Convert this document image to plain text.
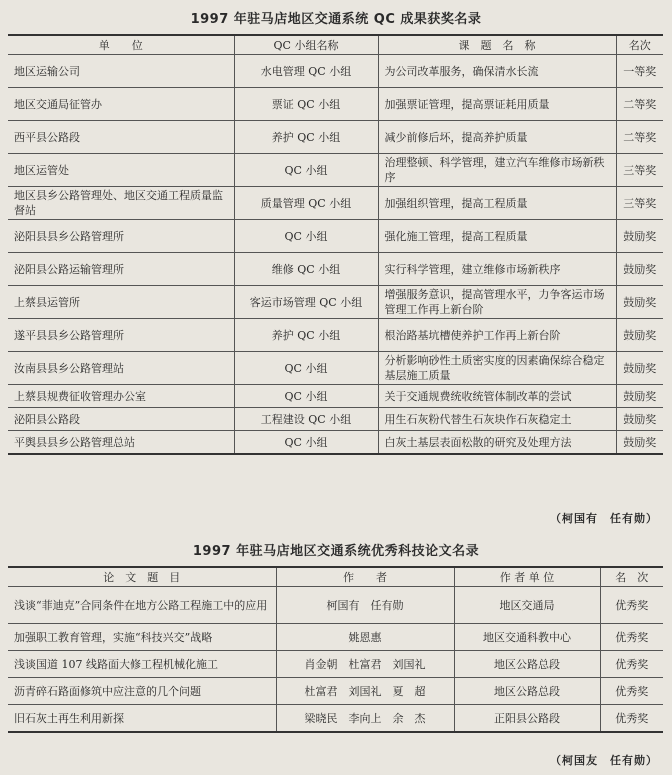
1997 年驻马店地区交通系统 QC 成果获奖名录
单　　位	QC 小组名称	课　题　名　称	名次
地区运输公司	水电管理 QC 小组	为公司改革服务，确保清水长流	一等奖
地区交通局征管办	票证 QC 小组	加强票证管理，提高票证耗用质量	二等奖
西平县公路段	养护 QC 小组	减少前修后坏，提高养护质量	二等奖
地区运管处	QC 小组	治理整顿、科学管理，建立汽车维修市场新秩序	三等奖
地区县乡公路管理处、地区交通工程质量监督站	质量管理 QC 小组	加强组织管理，提高工程质量	三等奖
泌阳县县乡公路管理所	QC 小组	强化施工管理，提高工程质量	鼓励奖
泌阳县公路运输管理所	维修 QC 小组	实行科学管理，建立维修市场新秩序	鼓励奖
上蔡县运管所	客运市场管理 QC 小组	增强服务意识，提高管理水平，力争客运市场管理工作再上新台阶	鼓励奖
遂平县县乡公路管理所	养护 QC 小组	根治路基坑槽使养护工作再上新台阶	鼓励奖
汝南县县乡公路管理站	QC 小组	分析影响砂性土质密实度的因素确保综合稳定基层施工质量	鼓励奖
上蔡县规费征收管理办公室	QC 小组	关于交通规费统收统管体制改革的尝试	鼓励奖
泌阳县公路段	工程建设 QC 小组	用生石灰粉代替生石灰块作石灰稳定土	鼓励奖
平舆县县乡公路管理总站	QC 小组	白灰土基层表面松散的研究及处理方法	鼓励奖
（柯国有　任有勋）
1997 年驻马店地区交通系统优秀科技论文名录
论　文　题　目	作　　者	作 者 单 位	名　次
浅谈“菲迪克”合同条件在地方公路工程施工中的应用	柯国有　任有勋	地区交通局	优秀奖
加强职工教育管理，实施“科技兴交”战略	姚恩惠	地区交通科教中心	优秀奖
浅谈国道 107 线路面大修工程机械化施工	肖金朝　杜富君　刘国礼	地区公路总段	优秀奖
沥青碎石路面修筑中应注意的几个问题	杜富君　刘国礼　夏　超	地区公路总段	优秀奖
旧石灰土再生利用新探	梁晓民　李向上　余　杰	正阳县公路段	优秀奖
（柯国友　任有勋）
